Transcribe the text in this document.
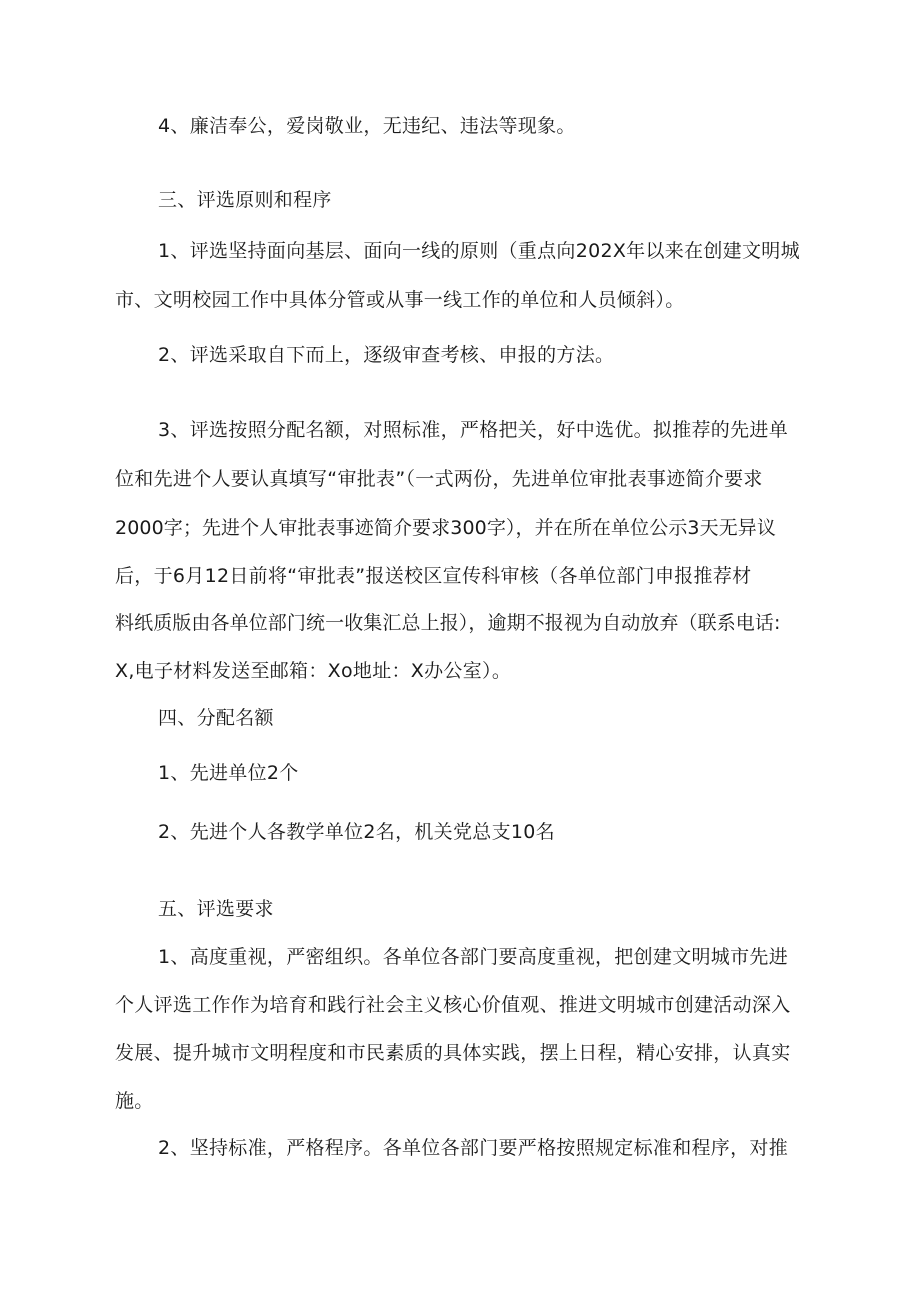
4、廉洁奉公，爱岗敬业，无违纪、违法等现象。

三、评选原则和程序

1、评选坚持面向基层、面向一线的原则（重点向202X年以来在创建文明城

市、文明校园工作中具体分管或从事一线工作的单位和人员倾斜）。

2、评选采取自下而上，逐级审查考核、申报的方法。

3、评选按照分配名额，对照标准，严格把关，好中选优。拟推荐的先进单

位和先进个人要认真填写“审批表”（一式两份，先进单位审批表事迹简介要求

2000字；先进个人审批表事迹简介要求300字），并在所在单位公示3天无异议

后，于6月12日前将“审批表”报送校区宣传科审核（各单位部门申报推荐材

料纸质版由各单位部门统一收集汇总上报），逾期不报视为自动放弃（联系电话:

X,电子材料发送至邮箱：Xo地址：X办公室）。

四、分配名额

1、先进单位2个

2、先进个人各教学单位2名，机关党总支10名

五、评选要求

1、高度重视，严密组织。各单位各部门要高度重视，把创建文明城市先进

个人评选工作作为培育和践行社会主义核心价值观、推进文明城市创建活动深入

发展、提升城市文明程度和市民素质的具体实践，摆上日程，精心安排，认真实

施。

2、坚持标准，严格程序。各单位各部门要严格按照规定标准和程序，对推
